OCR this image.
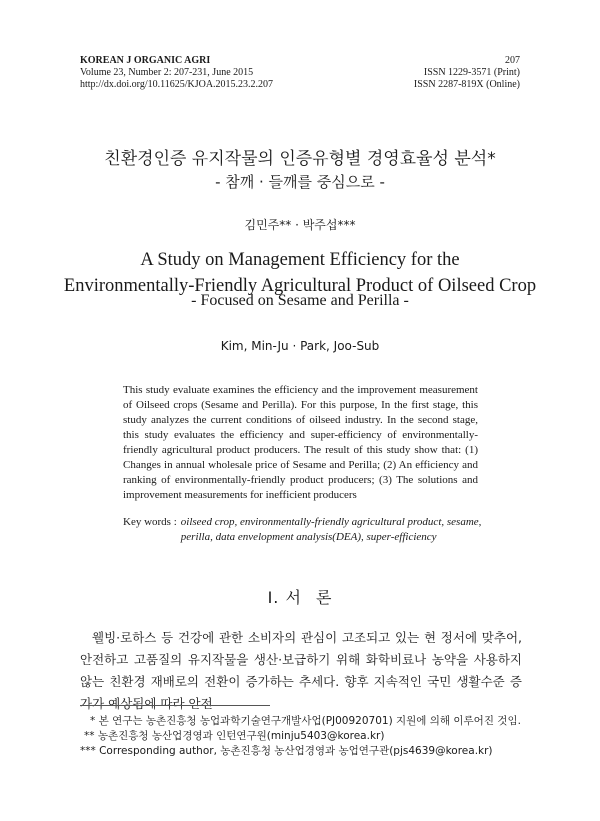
KOREAN J ORGANIC AGRI	207
Volume 23, Number 2: 207-231, June 2015	ISSN 1229-3571 (Print)
http://dx.doi.org/10.11625/KJOA.2015.23.2.207	ISSN 2287-819X (Online)
친환경인증 유지작물의 인증유형별 경영효율성 분석*
- 참깨 · 들깨를 중심으로 -
김민주** · 박주섭***
A Study on Management Efficiency for the
Environmentally-Friendly Agricultural Product of Oilseed Crop
- Focused on Sesame and Perilla -
Kim, Min-Ju · Park, Joo-Sub
This study evaluate examines the efficiency and the improvement measurement of Oilseed crops (Sesame and Perilla). For this purpose, In the first stage, this study analyzes the current conditions of oilseed industry. In the second stage, this study evaluates the efficiency and super-efficiency of environmentally-friendly agricultural product producers. The result of this study show that: (1) Changes in annual wholesale price of Sesame and Perilla; (2) An efficiency and ranking of environmentally-friendly product producers; (3) The solutions and improvement measurements for inefficient producers
Key words : oilseed crop, environmentally-friendly agricultural product, sesame, perilla, data envelopment analysis(DEA), super-efficiency
I. 서 론
웰빙·로하스 등 건강에 관한 소비자의 관심이 고조되고 있는 현 정서에 맞추어, 안전하고 고품질의 유지작물을 생산·보급하기 위해 화학비료나 농약을 사용하지 않는 친환경 재배로의 전환이 증가하는 추세다. 향후 지속적인 국민 생활수준 증가가 예상됨에 따라 안전
* 본 연구는 농촌진흥청 농업과학기술연구개발사업(PJ00920701) 지원에 의해 이루어진 것임.
** 농촌진흥청 농산업경영과 인턴연구원(minju5403@korea.kr)
*** Corresponding author, 농촌진흥청 농산업경영과 농업연구관(pjs4639@korea.kr)
